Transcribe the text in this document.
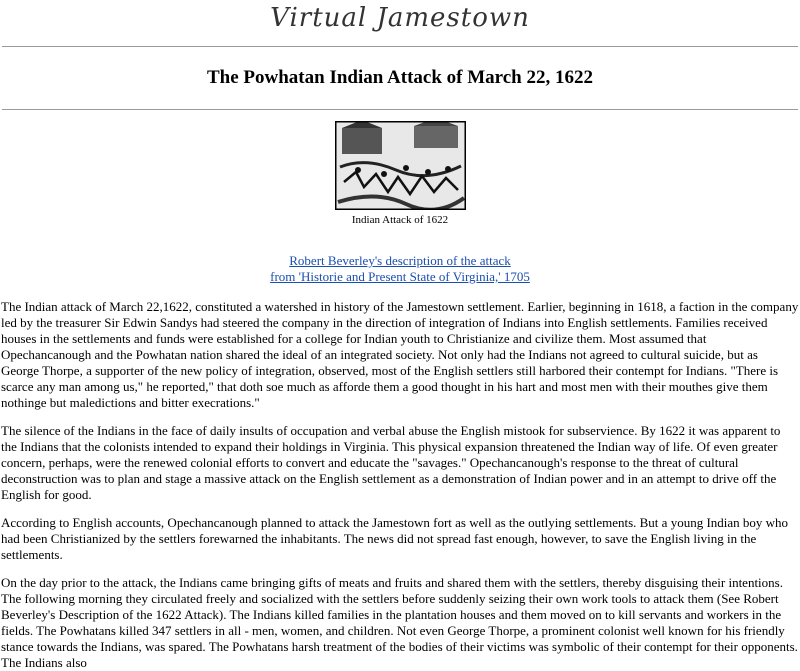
Virtual Jamestown
The Powhatan Indian Attack of March 22, 1622
Indian Attack of 1622
Robert Beverley's description of the attack
from 'Historie and Present State of Virginia,' 1705

The Indian attack of March 22,1622, constituted a watershed in history of the Jamestown settlement. Earlier, beginning in 1618, a faction in the company led by the treasurer Sir Edwin Sandys had steered the company in the direction of integration of Indians into English settlements. Families received houses in the settlements and funds were established for a college for Indian youth to Christianize and civilize them. Most assumed that Opechancanough and the Powhatan nation shared the ideal of an integrated society. Not only had the Indians not agreed to cultural suicide, but as George Thorpe, a supporter of the new policy of integration, observed, most of the English settlers still harbored their contempt for Indians. "There is scarce any man among us," he reported," that doth soe much as afforde them a good thought in his hart and most men with their mouthes give them nothinge but maledictions and bitter execrations."

The silence of the Indians in the face of daily insults of occupation and verbal abuse the English mistook for subservience. By 1622 it was apparent to the Indians that the colonists intended to expand their holdings in Virginia. This physical expansion threatened the Indian way of life. Of even greater concern, perhaps, were the renewed colonial efforts to convert and educate the "savages." Opechancanough's response to the threat of cultural deconstruction was to plan and stage a massive attack on the English settlement as a demonstration of Indian power and in an attempt to drive off the English for good.

According to English accounts, Opechancanough planned to attack the Jamestown fort as well as the outlying settlements. But a young Indian boy who had been Christianized by the settlers forewarned the inhabitants. The news did not spread fast enough, however, to save the English living in the settlements.

On the day prior to the attack, the Indians came bringing gifts of meats and fruits and shared them with the settlers, thereby disguising their intentions. The following morning they circulated freely and socialized with the settlers before suddenly seizing their own work tools to attack them (See Robert Beverley's Description of the 1622 Attack). The Indians killed families in the plantation houses and them moved on to kill servants and workers in the fields. The Powhatans killed 347 settlers in all - men, women, and children. Not even George Thorpe, a prominent colonist well known for his friendly stance towards the Indians, was spared. The Powhatans harsh treatment of the bodies of their victims was symbolic of their contempt for their opponents. The Indians also
